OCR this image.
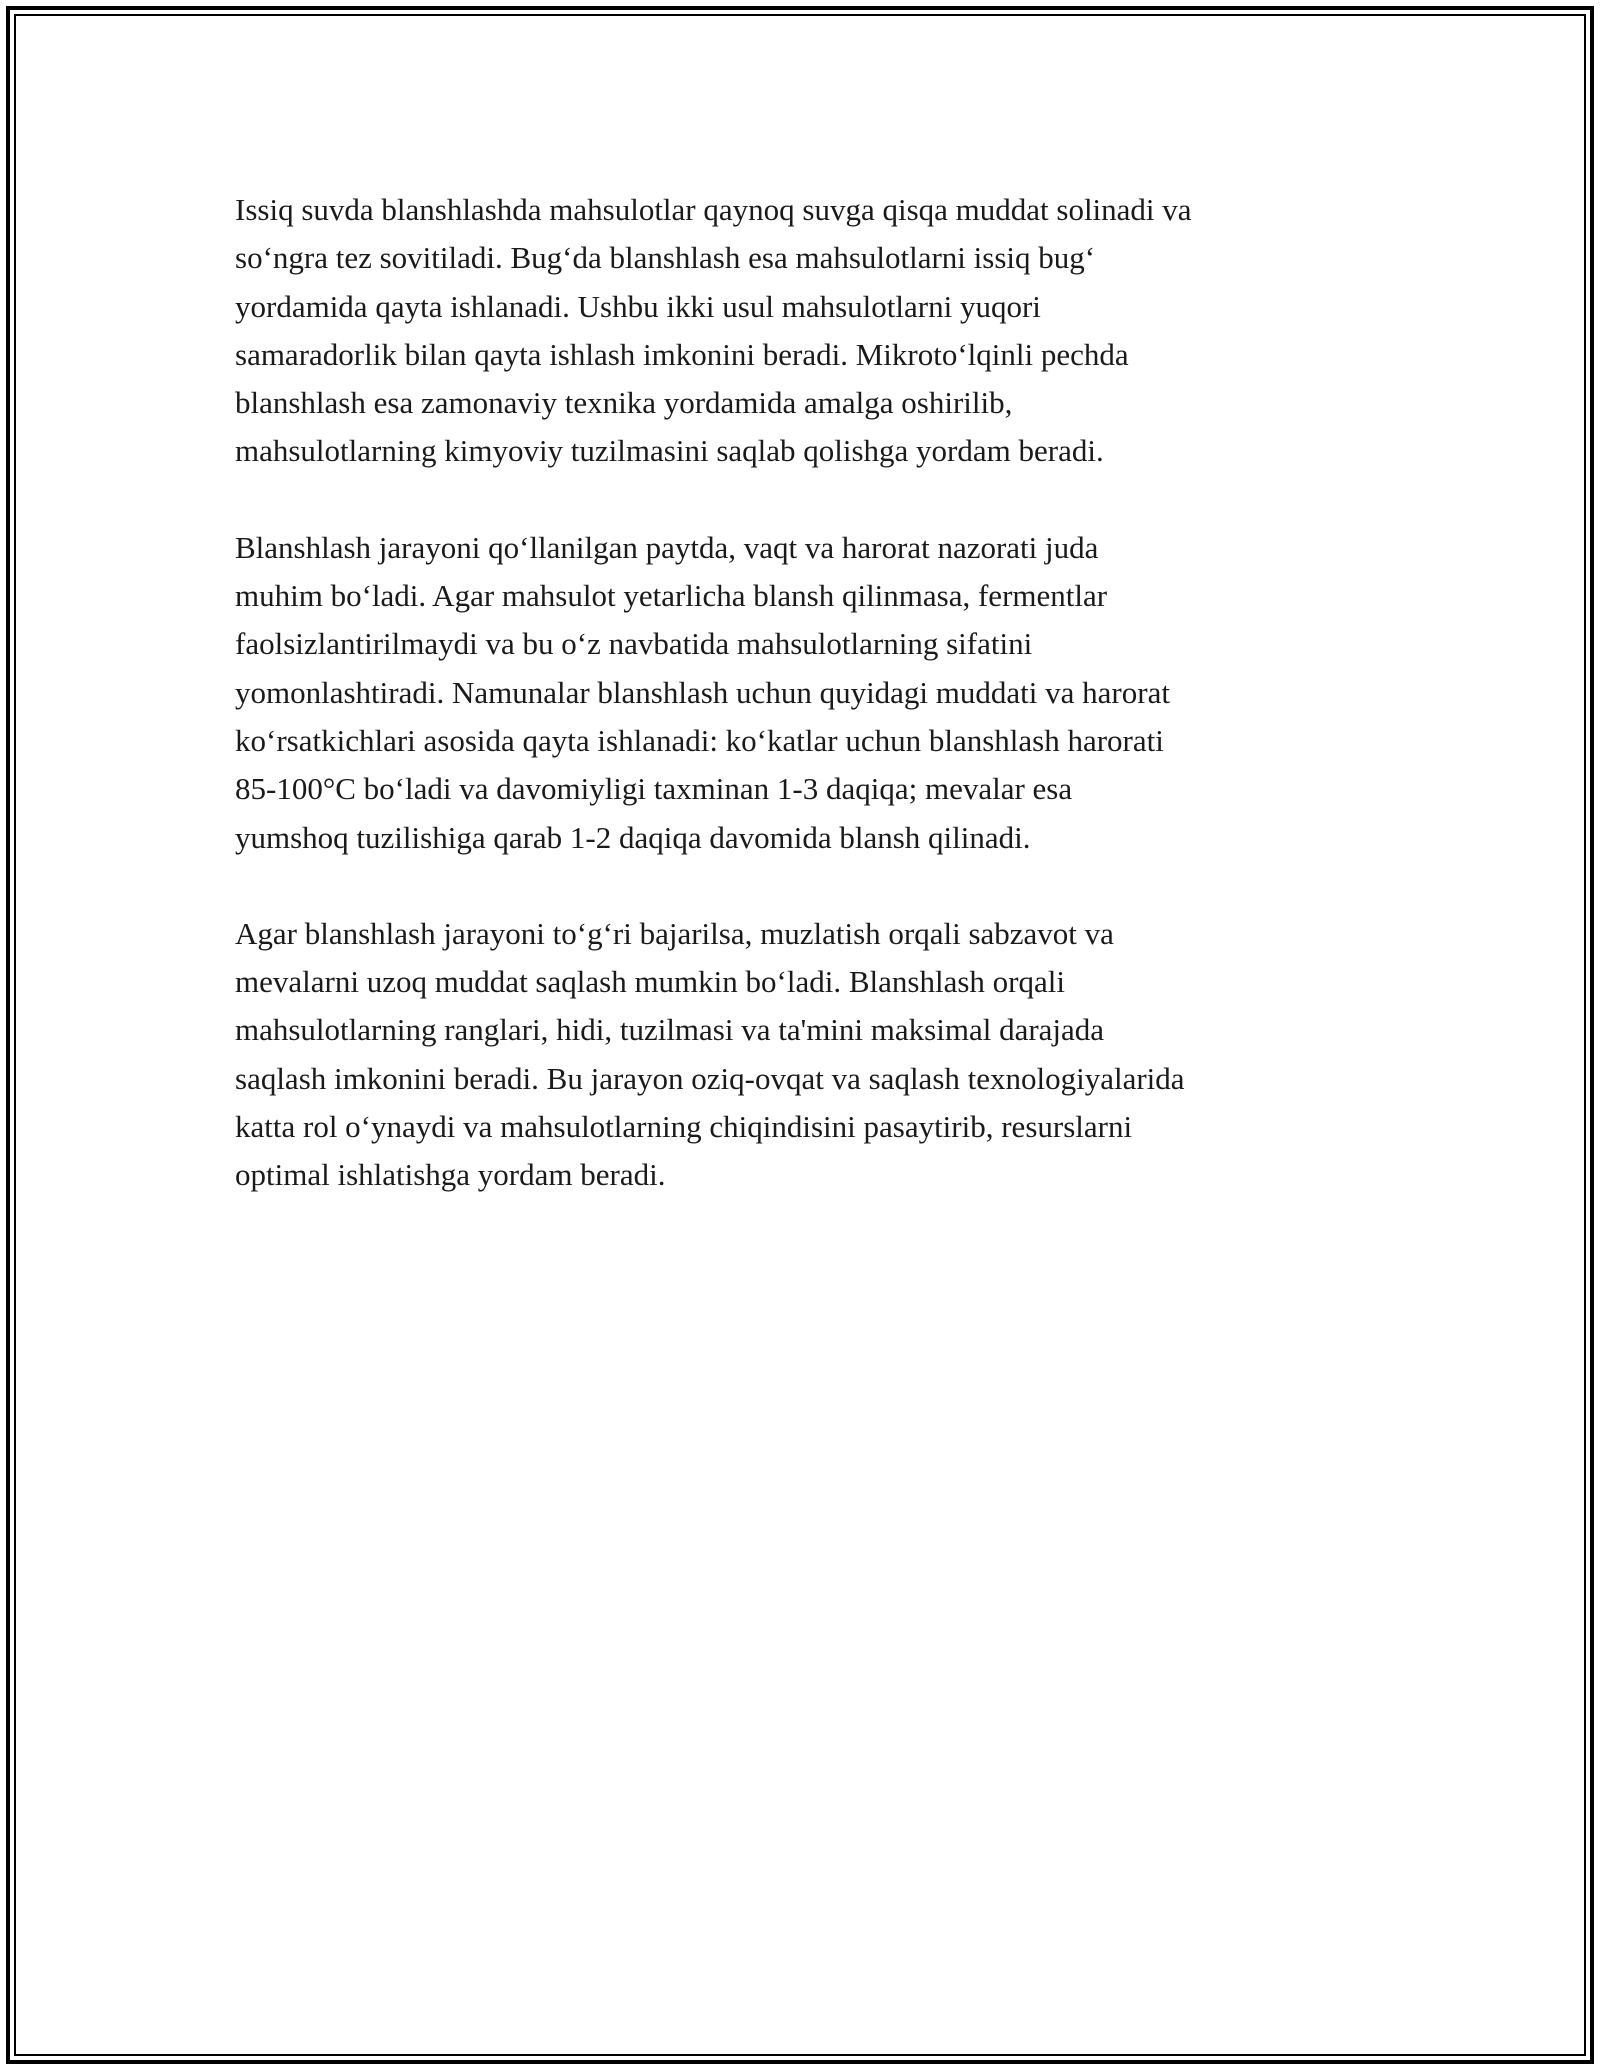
Issiq suvda blanshlashda mahsulotlar qaynoq suvga qisqa muddat solinadi va
so‘ngra tez sovitiladi. Bug‘da blanshlash esa mahsulotlarni issiq bug‘
yordamida qayta ishlanadi. Ushbu ikki usul mahsulotlarni yuqori
samaradorlik bilan qayta ishlash imkonini beradi. Mikroto‘lqinli pechda
blanshlash esa zamonaviy texnika yordamida amalga oshirilib,
mahsulotlarning kimyoviy tuzilmasini saqlab qolishga yordam beradi.

Blanshlash jarayoni qo‘llanilgan paytda, vaqt va harorat nazorati juda
muhim bo‘ladi. Agar mahsulot yetarlicha blansh qilinmasa, fermentlar
faolsizlantirilmaydi va bu o‘z navbatida mahsulotlarning sifatini
yomonlashtiradi. Namunalar blanshlash uchun quyidagi muddati va harorat
ko‘rsatkichlari asosida qayta ishlanadi: ko‘katlar uchun blanshlash harorati
85-100°C bo‘ladi va davomiyligi taxminan 1-3 daqiqa; mevalar esa
yumshoq tuzilishiga qarab 1-2 daqiqa davomida blansh qilinadi.

Agar blanshlash jarayoni to‘g‘ri bajarilsa, muzlatish orqali sabzavot va
mevalarni uzoq muddat saqlash mumkin bo‘ladi. Blanshlash orqali
mahsulotlarning ranglari, hidi, tuzilmasi va ta'mini maksimal darajada
saqlash imkonini beradi. Bu jarayon oziq-ovqat va saqlash texnologiyalarida
katta rol o‘ynaydi va mahsulotlarning chiqindisini pasaytirib, resurslarni
optimal ishlatishga yordam beradi.
